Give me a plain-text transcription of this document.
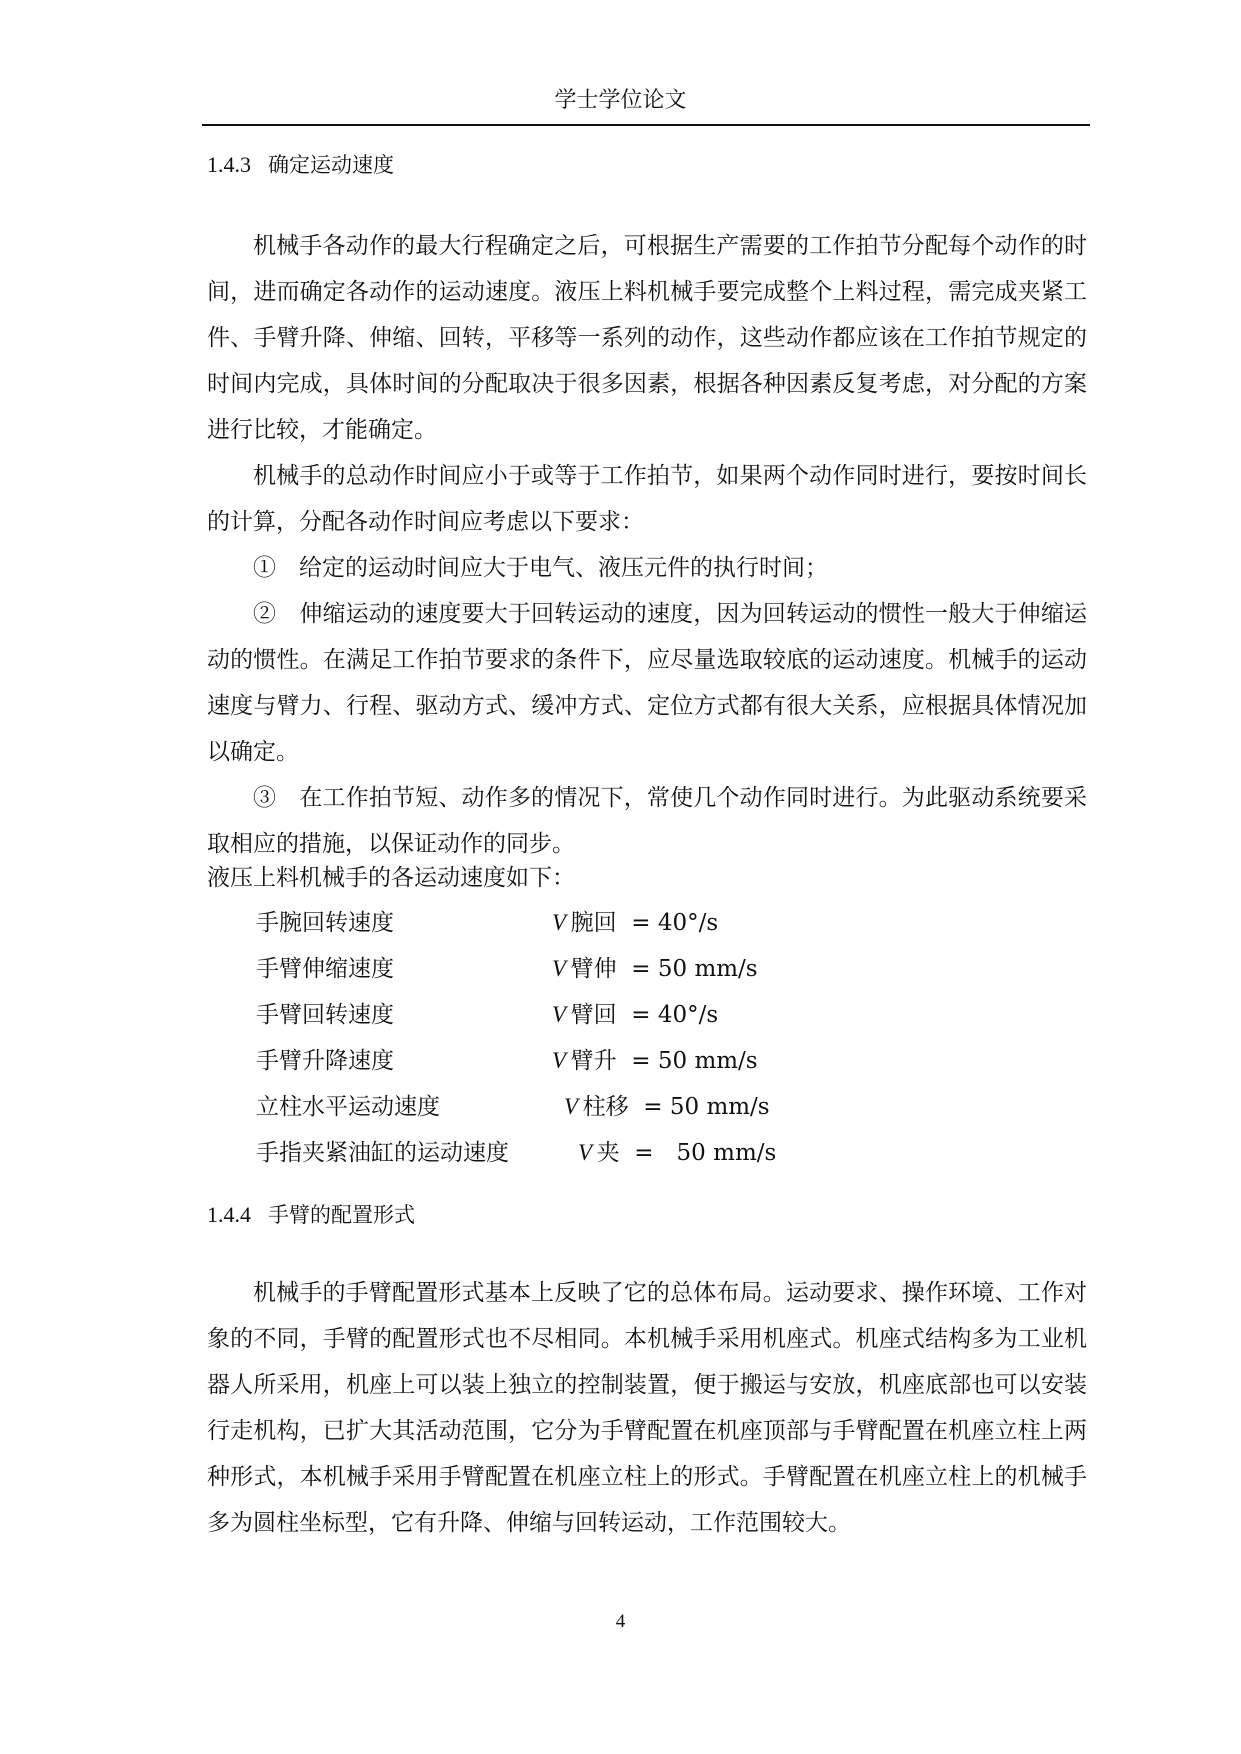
学士学位论文
1.4.3 确定运动速度

机械手各动作的最大行程确定之后，可根据生产需要的工作拍节分配每个动作的时间，进而确定各动作的运动速度。液压上料机械手要完成整个上料过程，需完成夹紧工件、手臂升降、伸缩、回转，平移等一系列的动作，这些动作都应该在工作拍节规定的时间内完成，具体时间的分配取决于很多因素，根据各种因素反复考虑，对分配的方案进行比较，才能确定。

机械手的总动作时间应小于或等于工作拍节，如果两个动作同时进行，要按时间长的计算，分配各动作时间应考虑以下要求：

①　给定的运动时间应大于电气、液压元件的执行时间；

②　伸缩运动的速度要大于回转运动的速度，因为回转运动的惯性一般大于伸缩运动的惯性。在满足工作拍节要求的条件下，应尽量选取较底的运动速度。机械手的运动速度与臂力、行程、驱动方式、缓冲方式、定位方式都有很大关系，应根据具体情况加以确定。

③　在工作拍节短、动作多的情况下，常使几个动作同时进行。为此驱动系统要采取相应的措施，以保证动作的同步。

液压上料机械手的各运动速度如下：

手腕回转速度	V  腕回 = 40°/s
手臂伸缩速度	V  臂伸 = 50 mm/s
手臂回转速度	V  臂回 = 40°/s
手臂升降速度	V  臂升 = 50 mm/s
立柱水平运动速度	V  柱移 = 50 mm/s
手指夹紧油缸的运动速度	V  夹 =　50 mm/s
1.4.4 手臂的配置形式

机械手的手臂配置形式基本上反映了它的总体布局。运动要求、操作环境、工作对象的不同，手臂的配置形式也不尽相同。本机械手采用机座式。机座式结构多为工业机器人所采用，机座上可以装上独立的控制装置，便于搬运与安放，机座底部也可以安装行走机构，已扩大其活动范围，它分为手臂配置在机座顶部与手臂配置在机座立柱上两种形式，本机械手采用手臂配置在机座立柱上的形式。手臂配置在机座立柱上的机械手多为圆柱坐标型，它有升降、伸缩与回转运动，工作范围较大。

4
